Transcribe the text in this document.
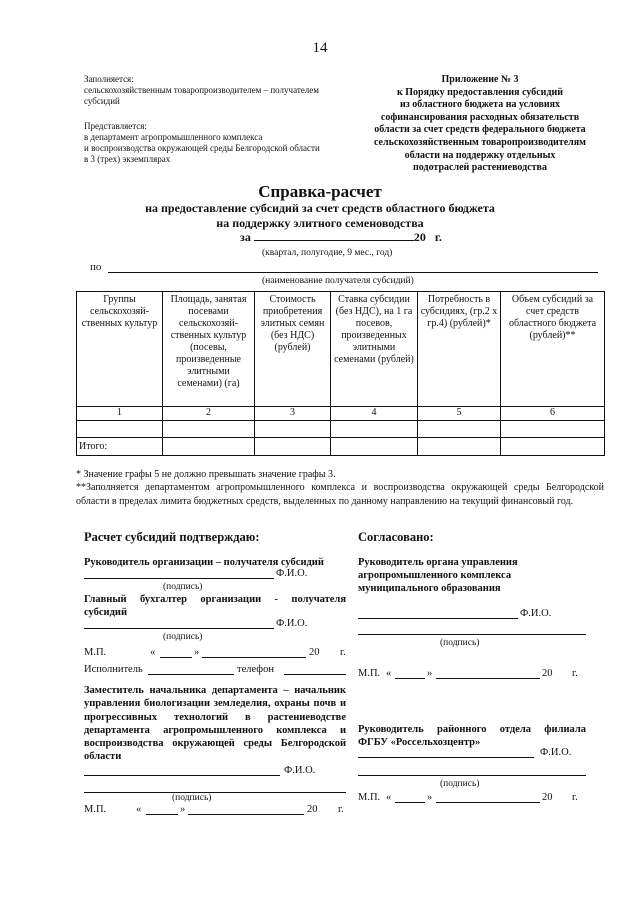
14
Заполняется:
сельскохозяйственным товаропроизводителем – получателем
субсидий
Представляется:
в департамент агропромышленного комплекса
и воспроизводства окружающей среды Белгородской области
в 3 (трех) экземплярах
Приложение № 3
к Порядку предоставления субсидий
из областного бюджета на условиях
софинансирования расходных обязательств
области за счет средств федерального бюджета
сельскохозяйственным товаропроизводителям
области на поддержку отдельных
подотраслей растениеводства
Справка-расчет
на предоставление субсидий за счет средств областного бюджета
на поддержку элитного семеноводства
за	20 г.
(квартал, полугодие, 9 мес., год)
по
(наименование получателя субсидий)
Группы сельскохозяй-ственных культур	Площадь, занятая посевами сельскохозяй-ственных культур (посевы, произведенные элитными семенами) (га)	Стоимость приобретения элитных семян (без НДС) (рублей)	Ставка субсидии (без НДС), на 1 га посевов, произведенных элитными семенами (рублей)	Потребность в субсидиях, (гр.2 х гр.4) (рублей)*	Объем субсидий за счет средств областного бюджета (рублей)**
1	2	3	4	5	6

Итого:					
* Значение графы 5 не должно превышать значение графы 3.
**Заполняется департаментом агропромышленного комплекса и воспроизводства окружающей среды Белгородской области в пределах лимита бюджетных средств, выделенных по данному направлению на текущий финансовый год.
Расчет субсидий подтверждаю:
Руководитель организации – получателя субсидий
Ф.И.О.
(подпись)
Главный бухгалтер организации - получателя субсидий
Ф.И.О.
(подпись)
М.П.	«	»	20 г.
Исполнитель	телефон
Заместитель начальника департамента – начальник управления биологизации земледелия, охраны почв и прогрессивных технологий в растениеводстве департамента агропромышленного комплекса и воспроизводства окружающей среды Белгородской области
Ф.И.О.
(подпись)
М.П.	«	»	20 г.
Согласовано:
Руководитель органа управления агропромышленного комплекса муниципального образования
Ф.И.О.
(подпись)
М.П. «	»	20 г.
Руководитель районного отдела филиала ФГБУ «Россельхозцентр»
Ф.И.О.
(подпись)
М.П. «	»	20 г.
